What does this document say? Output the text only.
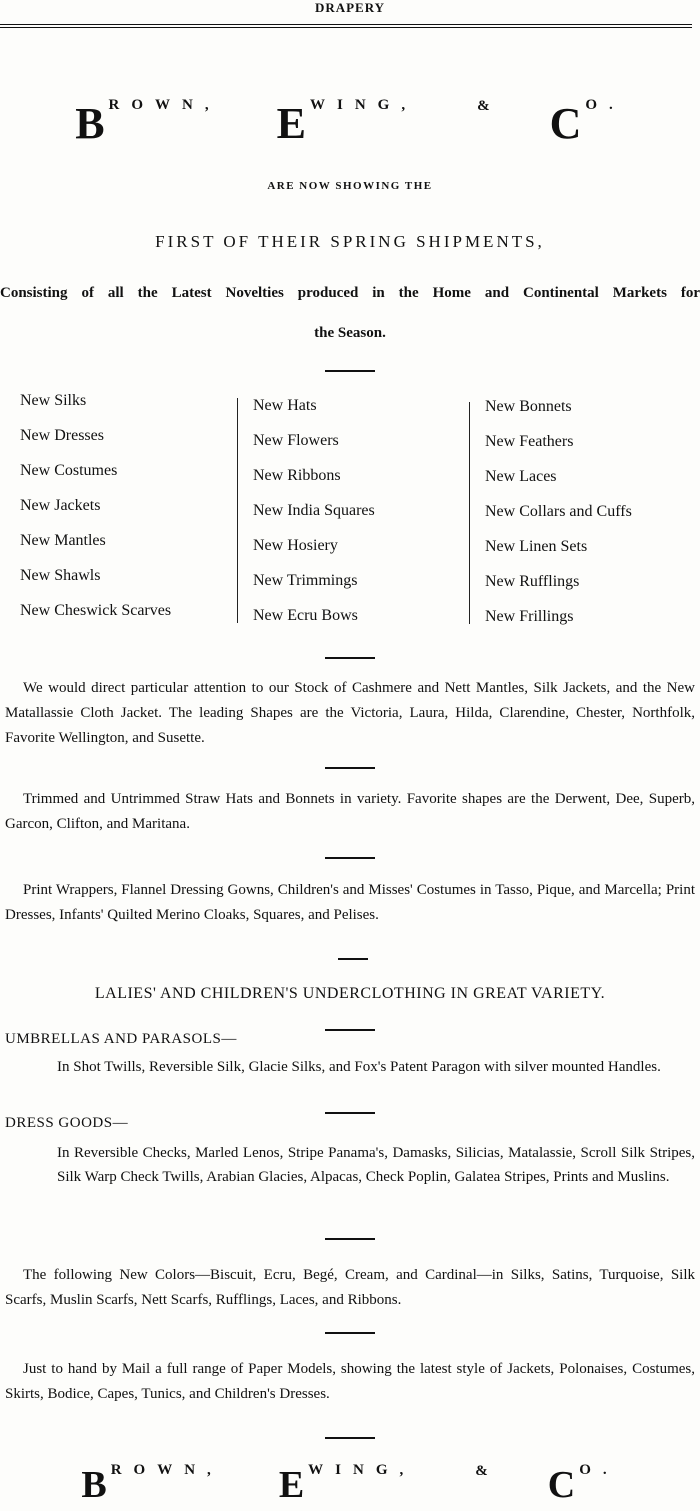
DRAPERY
B ROWN, E WING,	& C O.
ARE NOW SHOWING THE
FIRST OF THEIR SPRING SHIPMENTS,
Consisting of all the Latest Novelties produced in the Home and Continental Markets for
the Season.
New Silks
New Dresses
New Costumes
New Jackets
New Mantles
New Shawls
New Cheswick Scarves
New Hats
New Flowers
New Ribbons
New India Squares
New Hosiery
New Trimmings
New Ecru Bows
New Bonnets
New Feathers
New Laces
New Collars and Cuffs
New Linen Sets
New Rufflings
New Frillings
We would direct particular attention to our Stock of Cashmere and Nett Mantles, Silk Jackets, and the New Matallassie Cloth Jacket. The leading Shapes are the Victoria, Laura, Hilda, Clarendine, Chester, Northfolk, Favorite Wellington, and Susette.
Trimmed and Untrimmed Straw Hats and Bonnets in variety. Favorite shapes are the Derwent, Dee, Superb, Garcon, Clifton, and Maritana.
Print Wrappers, Flannel Dressing Gowns, Children's and Misses' Costumes in Tasso, Pique, and Marcella; Print Dresses, Infants' Quilted Merino Cloaks, Squares, and Pelises.
LALIES' AND CHILDREN'S UNDERCLOTHING IN GREAT VARIETY.
UMBRELLAS AND PARASOLS—
In Shot Twills, Reversible Silk, Glacie Silks, and Fox's Patent Paragon with silver mounted Handles.
DRESS GOODS—
In Reversible Checks, Marled Lenos, Stripe Panama's, Damasks, Silicias, Matalassie, Scroll Silk Stripes, Silk Warp Check Twills, Arabian Glacies, Alpacas, Check Poplin, Galatea Stripes, Prints and Muslins.
The following New Colors—Biscuit, Ecru, Begé, Cream, and Cardinal—in Silks, Satins, Turquoise, Silk Scarfs, Muslin Scarfs, Nett Scarfs, Rufflings, Laces, and Ribbons.
Just to hand by Mail a full range of Paper Models, showing the latest style of Jackets, Polonaises, Costumes, Skirts, Bodice, Capes, Tunics, and Children's Dresses.
B ROWN, E WING,	& C O.
